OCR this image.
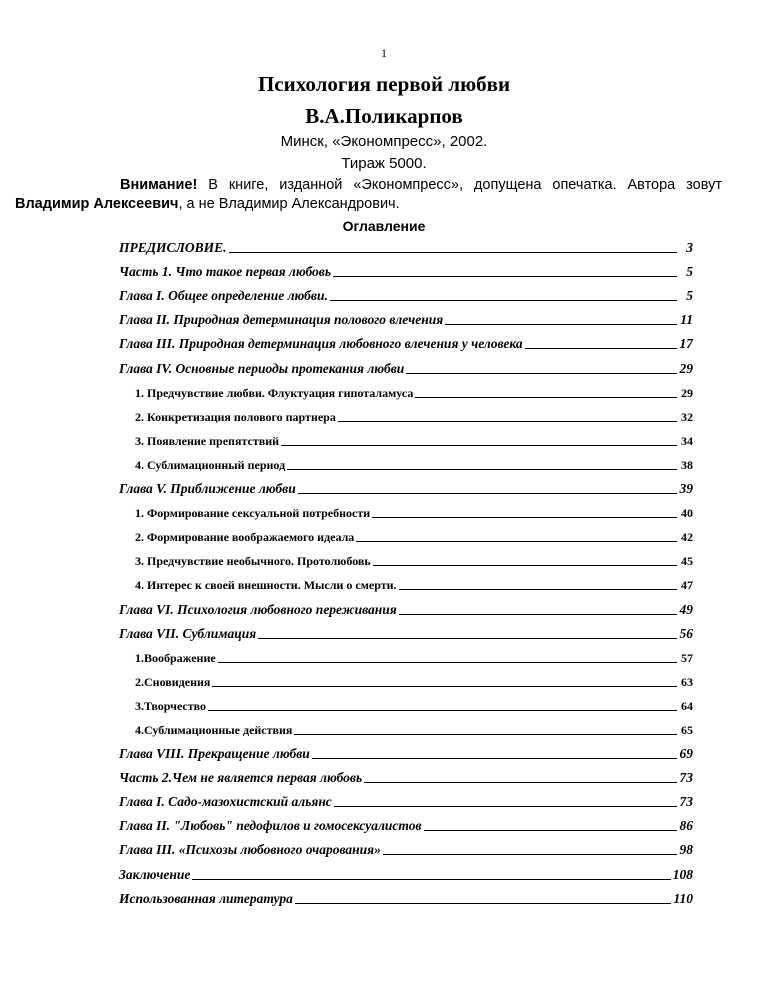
1
Психология первой любви
В.А.Поликарпов
Минск, «Экономпресс», 2002.
Тираж 5000.
Внимание! В книге, изданной «Экономпресс», допущена опечатка. Автора зовут Владимир Алексеевич, а не Владимир Александрович.
Оглавление
ПРЕДИСЛОВИЕ.	3
Часть 1. Что такое первая любовь	5
Глава I. Общее определение любви.	5
Глава II. Природная детерминация полового влечения	11
Глава III. Природная детерминация любовного влечения у человека	17
Глава IV. Основные периоды протекания любви	29
1. Предчувствие любви. Флуктуация гипоталамуса	29
2. Конкретизация полового партнера	32
3. Появление препятствий	34
4. Сублимационный период	38
Глава V. Приближение любви	39
1. Формирование сексуальной потребности	40
2. Формирование воображаемого идеала	42
3. Предчувствие необычного. Протолюбовь	45
4. Интерес к своей внешности. Мысли о смерти.	47
Глава VI. Психология любовного переживания	49
Глава VII. Сублимация	56
1.Воображение	57
2.Сновидения	63
3.Творчество	64
4.Сублимационные действия	65
Глава VIII. Прекращение любви	69
Часть 2.Чем не является первая любовь	73
Глава I. Садо-мазохистский альянс	73
Глава II. "Любовь" педофилов и гомосексуалистов	86
Глава III. «Психозы любовного очарования»	98
Заключение	108
Использованная литература	110
